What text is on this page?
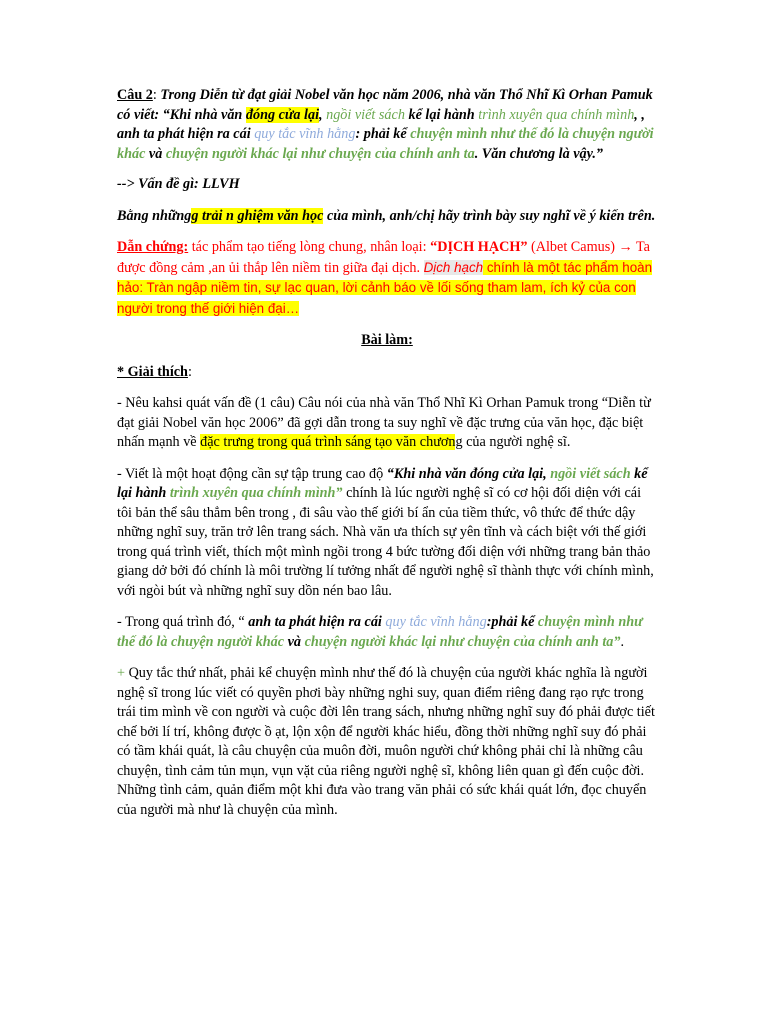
Câu 2: Trong Diễn từ đạt giải Nobel văn học năm 2006, nhà văn Thổ Nhĩ Kì Orhan Pamuk có viết: “Khi nhà văn đóng cửa lại, ngồi viết sách kể lại hành trình xuyên qua chính mình, , anh ta phát hiện ra cái quy tắc vĩnh hằng: phải kể chuyện mình như thế đó là chuyện người khác và chuyện người khác lại như chuyện của chính anh ta. Văn chương là vậy.”

--> Vấn đề gì: LLVH

Bằng nhữngg trải n ghiệm văn học của mình, anh/chị hãy trình bày suy nghĩ về ý kiến trên.

Dẫn chứng: tác phẩm tạo tiếng lòng chung, nhân loại: “DỊCH HẠCH” (Albet Camus) → Ta được đồng cảm ,an ủi thắp lên niềm tin giữa đại dịch. Dịch hạch chính là một tác phẩm hoàn hảo: Tràn ngập niềm tin, sự lạc quan, lời cảnh báo về lối sống tham lam, ích kỷ của con người trong thế giới hiện đại…

Bài làm:

* Giải thích:

- Nêu kahsi quát vấn đề (1 câu) Câu nói của nhà văn Thổ Nhĩ Kì Orhan Pamuk trong “Diễn từ đạt giải Nobel văn học 2006” đã gợi dẫn trong ta suy nghĩ về đặc trưng của văn học, đặc biệt nhấn mạnh về đặc trưng trong quá trình sáng tạo văn chương của người nghệ sĩ.

- Viết là một hoạt động cần sự tập trung cao độ “Khi nhà văn đóng cửa lại, ngồi viết sách kể lại hành trình xuyên qua chính mình” chính là lúc người nghệ sĩ có cơ hội đối diện với cái tôi bản thể sâu thẳm bên trong , đi sâu vào thế giới bí ẩn của tiềm thức, vô thức để thức dậy những nghĩ suy, trăn trở lên trang sách. Nhà văn ưa thích sự yên tĩnh và cách biệt với thế giới trong quá trình viết, thích một mình ngồi trong 4 bức tường đối diện với những trang bản thảo giang dở bởi đó chính là môi trường lí tưởng nhất để người nghệ sĩ thành thực với chính mình, với ngòi bút và những nghĩ suy dồn nén bao lâu.

- Trong quá trình đó, “ anh ta phát hiện ra cái quy tắc vĩnh hằng:phải kể chuyện mình như thế đó là chuyện người khác và chuyện người khác lại như chuyện của chính anh ta”.

+ Quy tắc thứ nhất, phải kể chuyện mình như thế đó là chuyện của người khác nghĩa là người nghệ sĩ trong lúc viết có quyền phơi bày những nghi suy, quan điểm riêng đang rạo rực trong trái tim mình về con người và cuộc đời lên trang sách, nhưng những nghĩ suy đó phải được tiết chế bởi lí trí, không được ồ ạt, lộn xộn để người khác hiểu, đồng thời những nghĩ suy đó phải có tầm khái quát, là câu chuyện của muôn đời, muôn người chứ không phải chỉ là những câu chuyện, tình cảm tủn mụn, vụn vặt của riêng người nghệ sĩ, không liên quan gì đến cuộc đời. Những tình cảm, quản điểm một khi đưa vào trang văn phải có sức khái quát lớn, đọc chuyển của người mà như là chuyện của mình.
